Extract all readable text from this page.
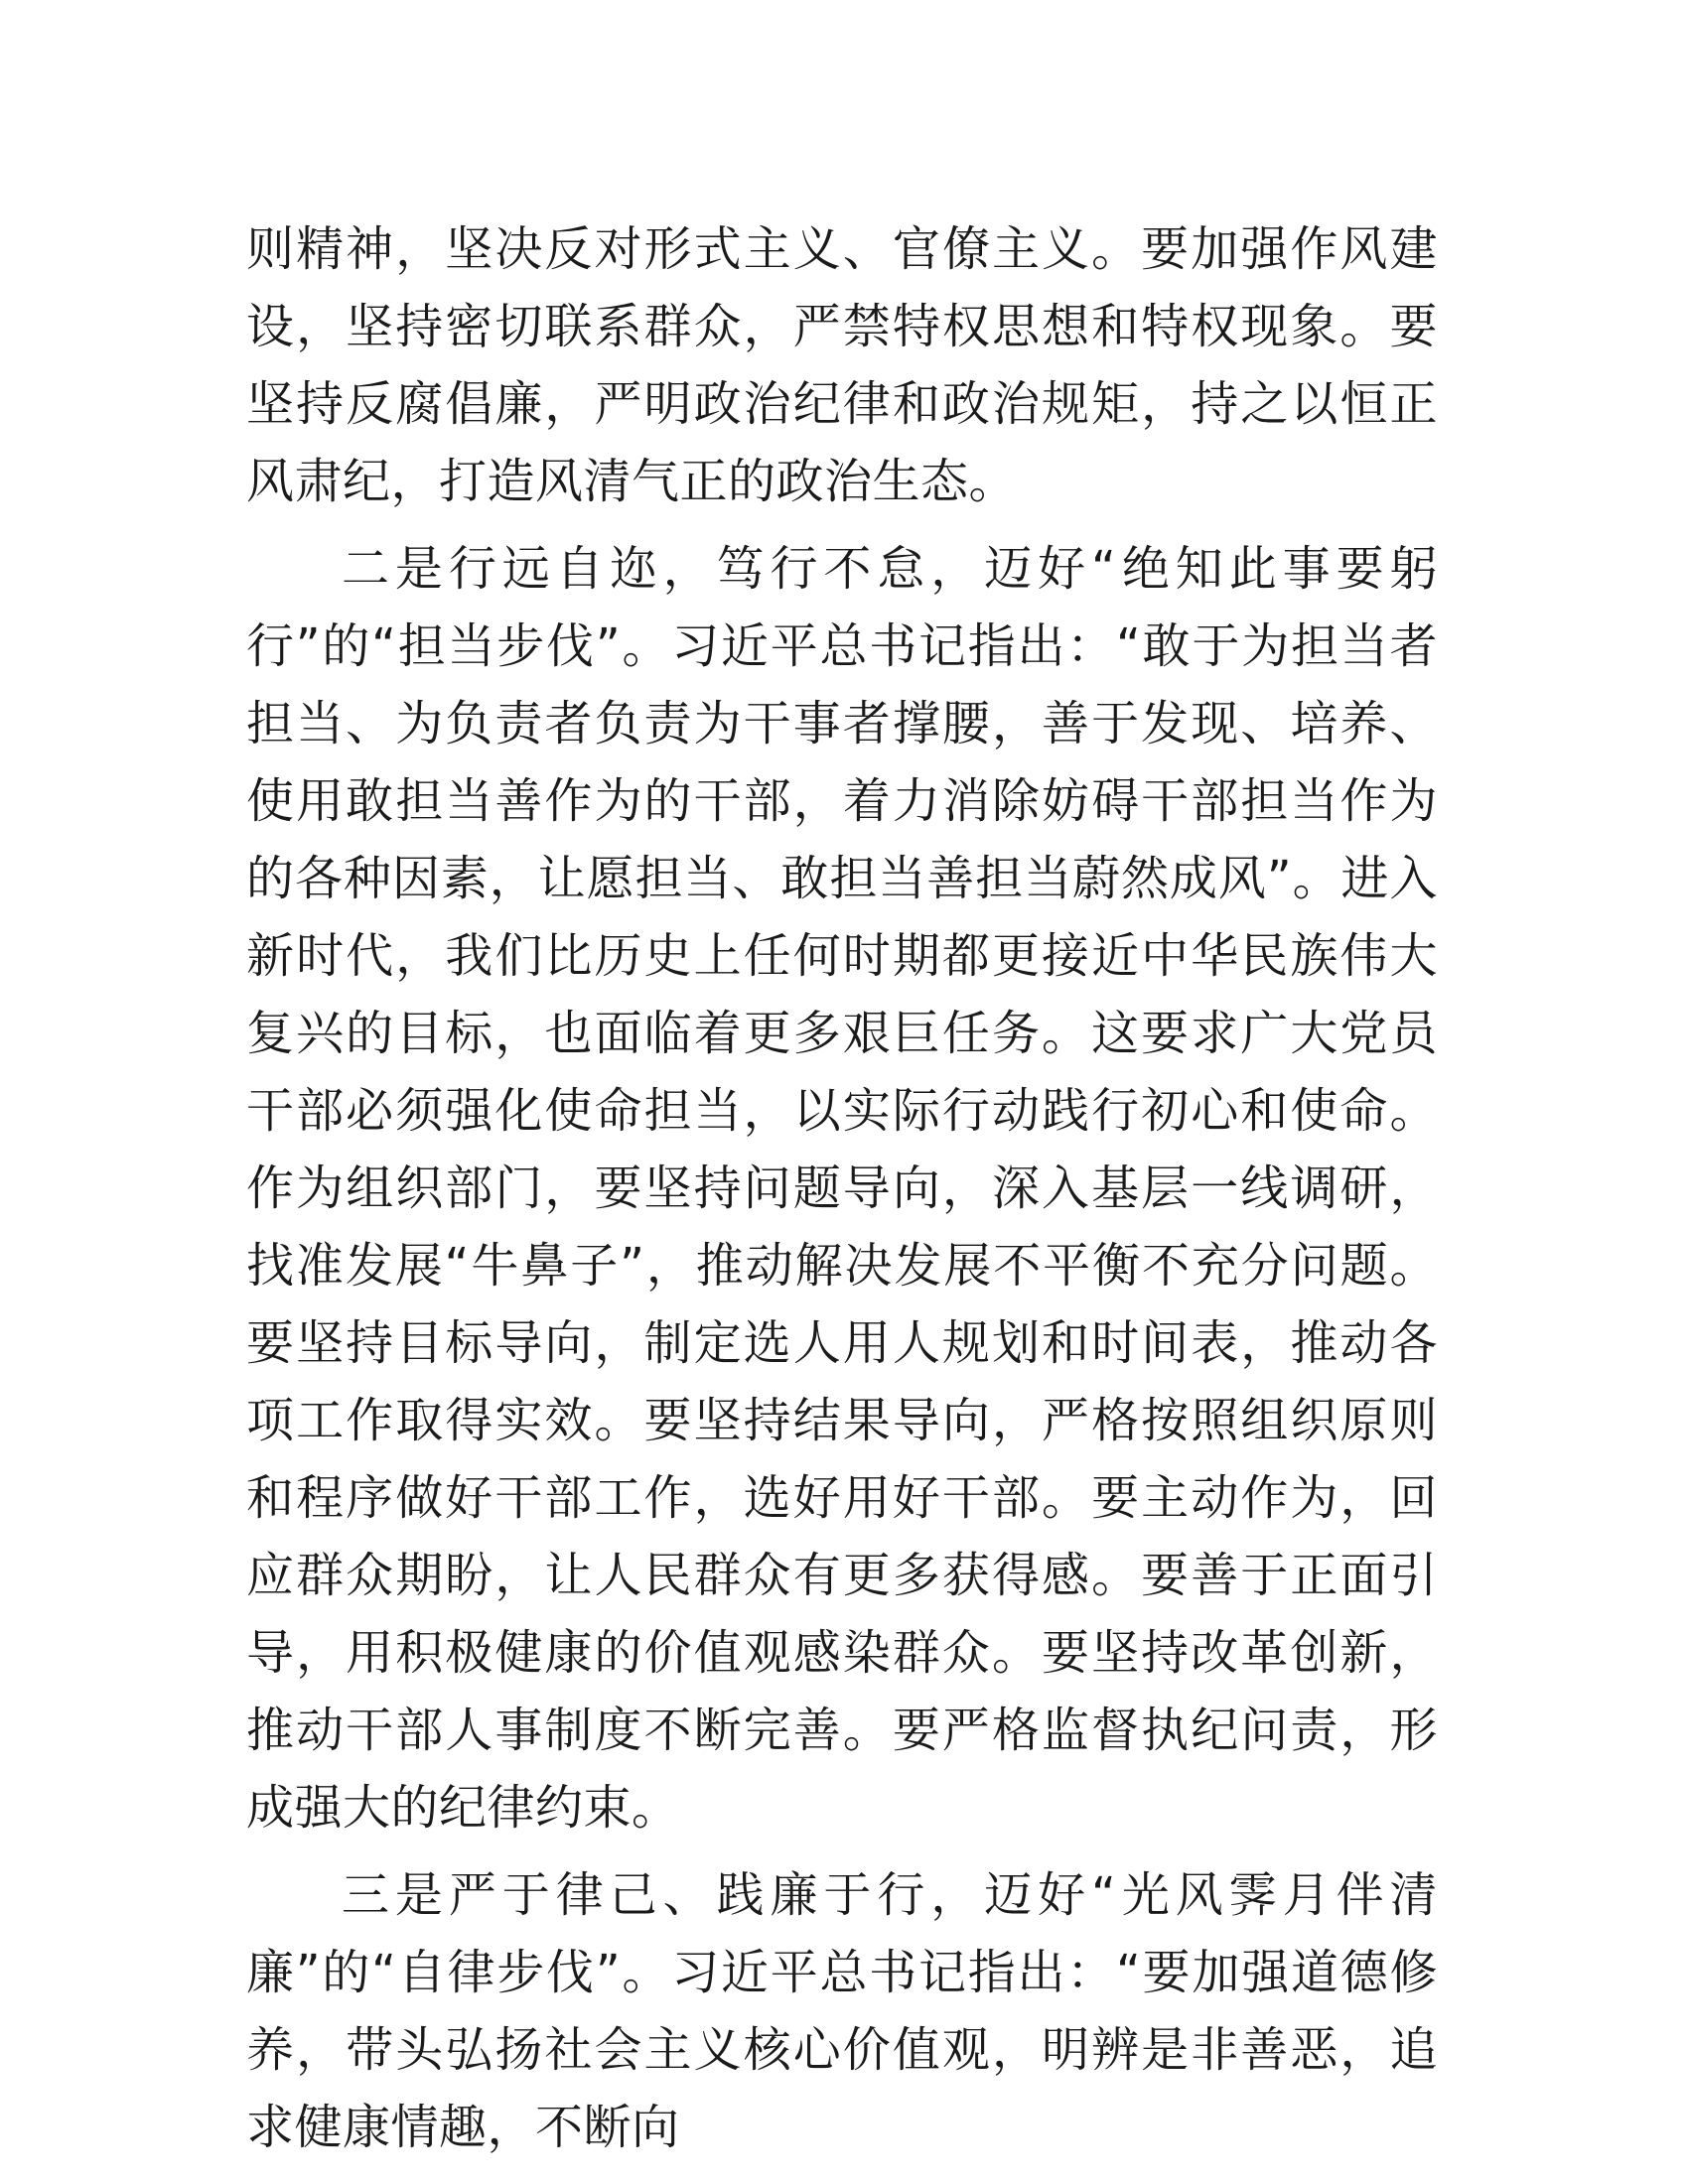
则精神，坚决反对形式主义、官僚主义。要加强作风建设，坚持密切联系群众，严禁特权思想和特权现象。要坚持反腐倡廉，严明政治纪律和政治规矩，持之以恒正风肃纪，打造风清气正的政治生态。

二是行远自迩，笃行不怠，迈好“绝知此事要躬行”的“担当步伐”。习近平总书记指出：“敢于为担当者担当、为负责者负责为干事者撑腰，善于发现、培养、使用敢担当善作为的干部，着力消除妨碍干部担当作为的各种因素，让愿担当、敢担当善担当蔚然成风”。进入新时代，我们比历史上任何时期都更接近中华民族伟大复兴的目标，也面临着更多艰巨任务。这要求广大党员干部必须强化使命担当，以实际行动践行初心和使命。作为组织部门，要坚持问题导向，深入基层一线调研，找准发展“牛鼻子”，推动解决发展不平衡不充分问题。要坚持目标导向，制定选人用人规划和时间表，推动各项工作取得实效。要坚持结果导向，严格按照组织原则和程序做好干部工作，选好用好干部。要主动作为，回应群众期盼，让人民群众有更多获得感。要善于正面引导，用积极健康的价值观感染群众。要坚持改革创新，推动干部人事制度不断完善。要严格监督执纪问责，形成强大的纪律约束。

三是严于律己、践廉于行，迈好“光风霁月伴清廉”的“自律步伐”。习近平总书记指出：“要加强道德修养，带头弘扬社会主义核心价值观，明辨是非善恶，追求健康情趣，不断向
